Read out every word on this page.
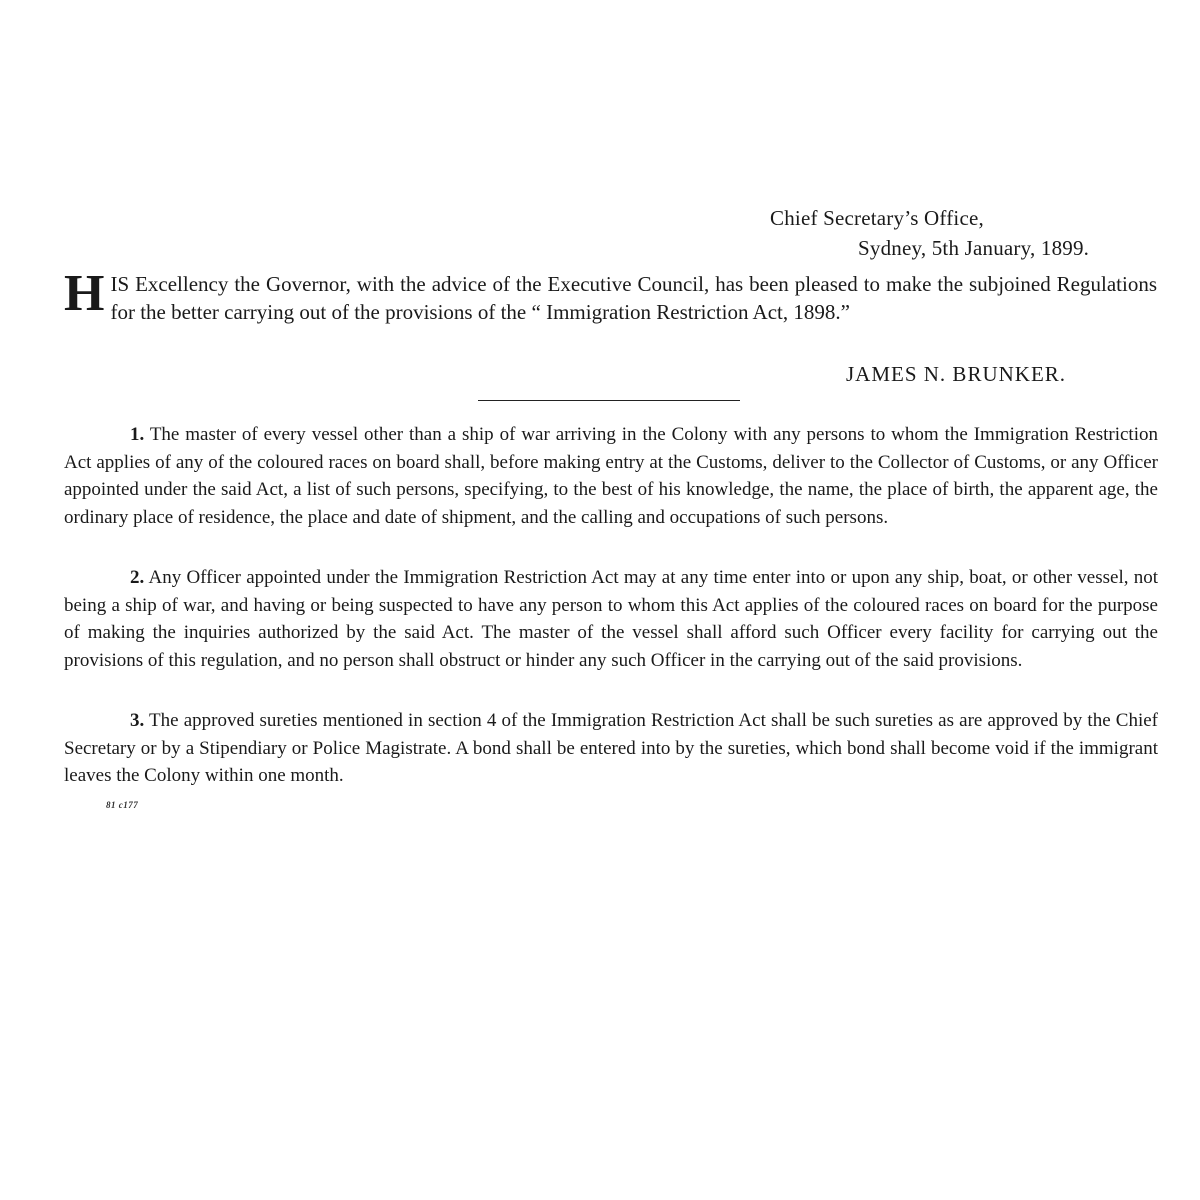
Chief Secretary’s Office,
Sydney, 5th January, 1899.
HIS Excellency the Governor, with the advice of the Executive Council, has been pleased to make the subjoined Regulations for the better carrying out of the provisions of the “ Immigration Restriction Act, 1898.”
JAMES N. BRUNKER.
1. The master of every vessel other than a ship of war arriving in the Colony with any persons to whom the Immigration Restriction Act applies of any of the coloured races on board shall, before making entry at the Customs, deliver to the Collector of Customs, or any Officer appointed under the said Act, a list of such persons, specifying, to the best of his knowledge, the name, the place of birth, the apparent age, the ordinary place of residence, the place and date of shipment, and the calling and occupations of such persons.
2. Any Officer appointed under the Immigration Restriction Act may at any time enter into or upon any ship, boat, or other vessel, not being a ship of war, and having or being suspected to have any person to whom this Act applies of the coloured races on board for the purpose of making the inquiries authorized by the said Act. The master of the vessel shall afford such Officer every facility for carrying out the provisions of this regulation, and no person shall obstruct or hinder any such Officer in the carrying out of the said provisions.
3. The approved sureties mentioned in section 4 of the Immigration Restriction Act shall be such sureties as are approved by the Chief Secretary or by a Stipendiary or Police Magistrate. A bond shall be entered into by the sureties, which bond shall become void if the immigrant leaves the Colony within one month.
81 c177
